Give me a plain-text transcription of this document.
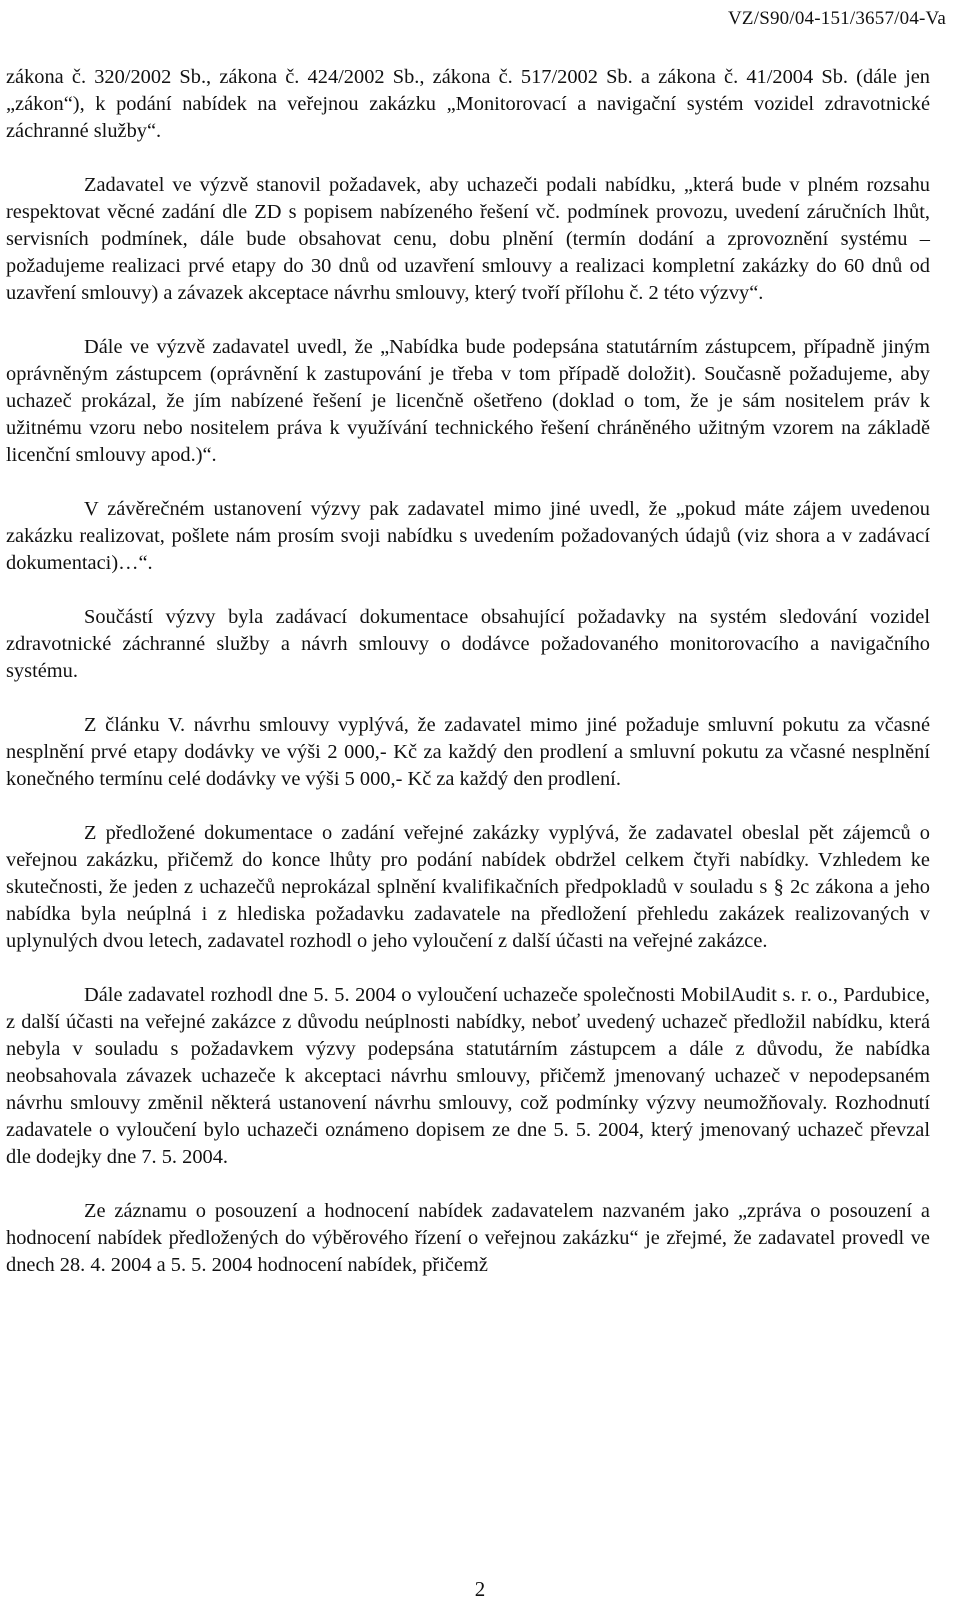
VZ/S90/04-151/3657/04-Va

zákona č. 320/2002 Sb., zákona č. 424/2002 Sb., zákona č. 517/2002 Sb. a zákona č. 41/2004 Sb. (dále jen „zákon“), k podání nabídek na veřejnou zakázku „Monitorovací a navigační systém vozidel zdravotnické záchranné služby“.

Zadavatel ve výzvě stanovil požadavek, aby uchazeči podali nabídku, „která bude v plném rozsahu respektovat věcné zadání dle ZD s popisem nabízeného řešení vč. podmínek provozu, uvedení záručních lhůt, servisních podmínek, dále bude obsahovat cenu, dobu plnění (termín dodání a zprovoznění systému – požadujeme realizaci prvé etapy do 30 dnů od uzavření smlouvy a realizaci kompletní zakázky do 60 dnů od uzavření smlouvy) a závazek akceptace návrhu smlouvy, který tvoří přílohu č. 2 této výzvy“.

Dále ve výzvě zadavatel uvedl, že „Nabídka bude podepsána statutárním zástupcem, případně jiným oprávněným zástupcem (oprávnění k zastupování je třeba v tom případě doložit). Současně požadujeme, aby uchazeč prokázal, že jím nabízené řešení je licenčně ošetřeno (doklad o tom, že je sám nositelem práv k užitnému vzoru nebo nositelem práva k využívání technického řešení chráněného užitným vzorem na základě licenční smlouvy apod.)“.

V závěrečném ustanovení výzvy pak zadavatel mimo jiné uvedl, že „pokud máte zájem uvedenou zakázku realizovat, pošlete nám prosím svoji nabídku s uvedením požadovaných údajů (viz shora a v zadávací dokumentaci)…“.

Součástí výzvy byla zadávací dokumentace obsahující požadavky na systém sledování vozidel zdravotnické záchranné služby a návrh smlouvy o dodávce požadovaného monitorovacího a navigačního systému.

Z článku V. návrhu smlouvy vyplývá, že zadavatel mimo jiné požaduje smluvní pokutu za včasné nesplnění prvé etapy dodávky ve výši 2 000,- Kč za každý den prodlení a smluvní pokutu za včasné nesplnění konečného termínu celé dodávky ve výši 5 000,- Kč za každý den prodlení.

Z předložené dokumentace o zadání veřejné zakázky vyplývá, že zadavatel obeslal pět zájemců o veřejnou zakázku, přičemž do konce lhůty pro podání nabídek obdržel celkem čtyři nabídky. Vzhledem ke skutečnosti, že jeden z uchazečů neprokázal splnění kvalifikačních předpokladů v souladu s § 2c zákona a jeho nabídka byla neúplná i z hlediska požadavku zadavatele na předložení přehledu zakázek realizovaných v uplynulých dvou letech, zadavatel rozhodl o jeho vyloučení z další účasti na veřejné zakázce.

Dále zadavatel rozhodl dne 5. 5. 2004 o vyloučení uchazeče společnosti MobilAudit s. r. o., Pardubice, z další účasti na veřejné zakázce z důvodu neúplnosti nabídky, neboť uvedený uchazeč předložil nabídku, která nebyla v souladu s požadavkem výzvy podepsána statutárním zástupcem a dále z důvodu, že nabídka neobsahovala závazek uchazeče k akceptaci návrhu smlouvy, přičemž jmenovaný uchazeč v nepodepsaném návrhu smlouvy změnil některá ustanovení návrhu smlouvy, což podmínky výzvy neumožňovaly. Rozhodnutí zadavatele o vyloučení bylo uchazeči oznámeno dopisem ze dne 5. 5. 2004, který jmenovaný uchazeč převzal dle dodejky dne 7. 5. 2004.

Ze záznamu o posouzení a hodnocení nabídek zadavatelem nazvaném jako „zpráva o posouzení a hodnocení nabídek předložených do výběrového řízení o veřejnou zakázku“ je zřejmé, že zadavatel provedl ve dnech 28. 4. 2004 a 5. 5. 2004 hodnocení nabídek, přičemž

2
